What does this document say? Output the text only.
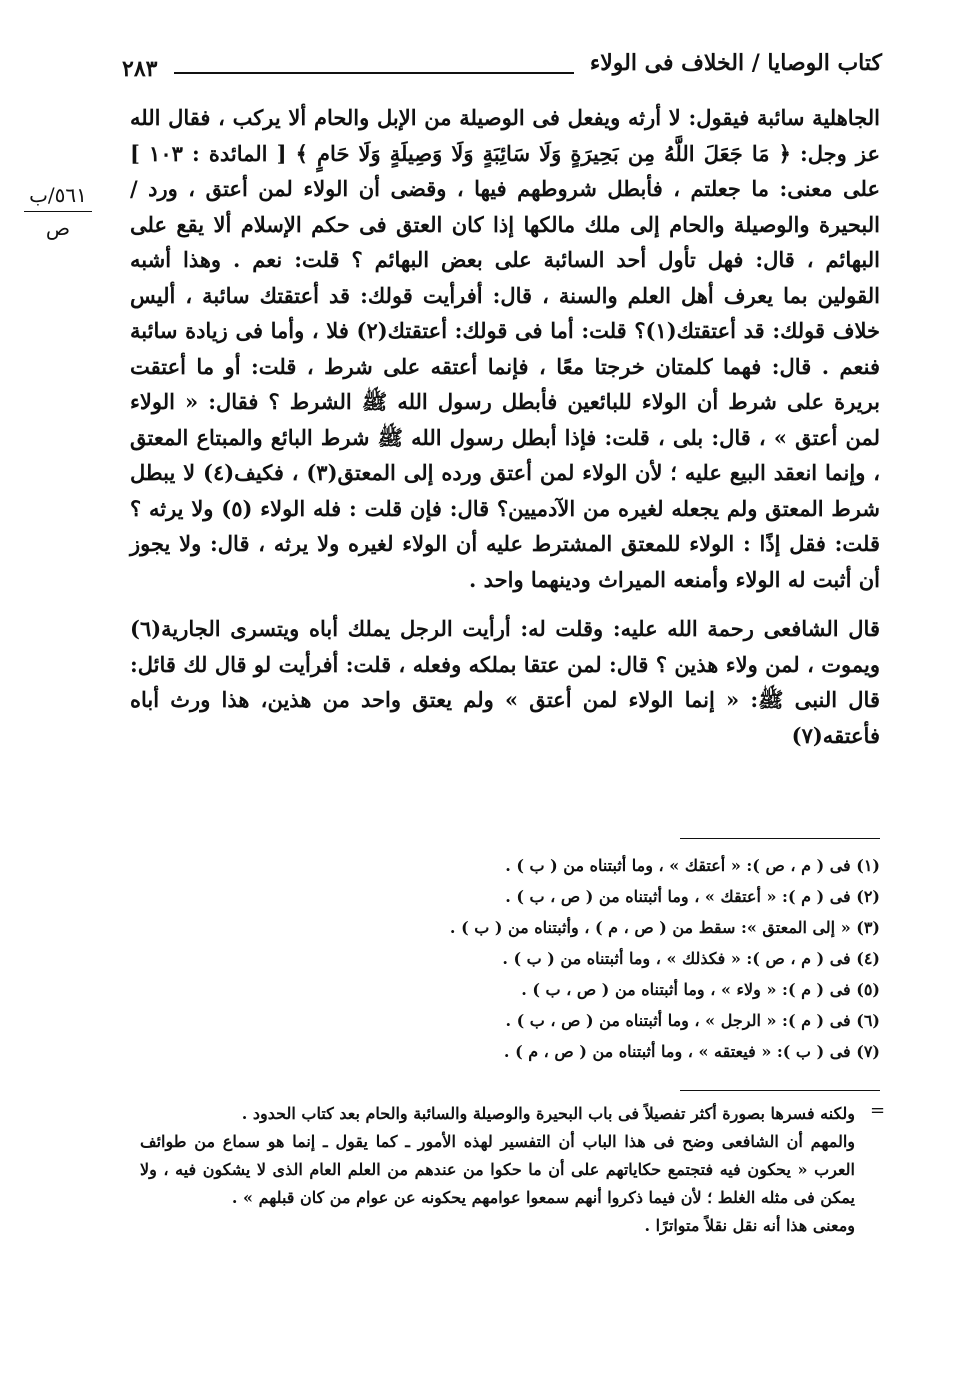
٢٨٣	كتاب الوصايا / الخلاف فى الولاء
٥٦١/ب
ص

الجاهلية سائبة فيقول: لا أرثه ويفعل فى الوصيلة من الإبل والحام ألا يركب ، فقال الله عز وجل: ﴿ مَا جَعَلَ اللَّهُ مِن بَحِيرَةٍ وَلَا سَائِبَةٍ وَلَا وَصِيلَةٍ وَلَا حَامٍ ﴾ [ المائدة : ١٠٣ ] على معنى: ما جعلتم ، فأبطل شروطهم فيها ، وقضى أن الولاء لمن أعتق ، ورد / البحيرة والوصيلة والحام إلى ملك مالكها إذا كان العتق فى حكم الإسلام ألا يقع على البهائم ، قال: فهل تأول أحد السائبة على بعض البهائم ؟ قلت: نعم . وهذا أشبه القولين بما يعرف أهل العلم والسنة ، قال: أفرأيت قولك: قد أعتقتك سائبة ، أليس خلاف قولك: قد أعتقتك(١)؟ قلت: أما فى قولك: أعتقتك(٢) فلا ، وأما فى زيادة سائبة فنعم . قال: فهما كلمتان خرجتا معًا ، فإنما أعتقه على شرط ، قلت: أو ما أعتقت بريرة على شرط أن الولاء للبائعين فأبطل رسول الله ﷺ الشرط ؟ فقال: « الولاء لمن أعتق » ، قال: بلى ، قلت: فإذا أبطل رسول الله ﷺ شرط البائع والمبتاع المعتق ، وإنما انعقد البيع عليه ؛ لأن الولاء لمن أعتق ورده إلى المعتق(٣) ، فكيف(٤) لا يبطل شرط المعتق ولم يجعله لغيره من الآدميين؟ قال: فإن قلت : فله الولاء (٥) ولا يرثه ؟ قلت: فقل إذًا : الولاء للمعتق المشترط عليه أن الولاء لغيره ولا يرثه ، قال: ولا يجوز أن أثبت له الولاء وأمنعه الميراث ودينهما واحد .

قال الشافعى رحمة الله عليه: وقلت له: أرأيت الرجل يملك أباه ويتسرى الجارية(٦) ويموت ، لمن ولاء هذين ؟ قال: لمن عتقا بملكه وفعله ، قلت: أفرأيت لو قال لك قائل: قال النبى ﷺ: « إنما الولاء لمن أعتق » ولم يعتق واحد من هذين، هذا ورث أباه فأعتقه(٧)

(١) فى ( م ، ص ): « أعتقك » ، وما أثبتناه من ( ب ) .
(٢) فى ( م ): « أعتقك » ، وما أثبتناه من ( ص ، ب ) .
(٣) « إلى المعتق »: سقط من ( ص ، م ) ، وأثبتناه من ( ب ) .
(٤) فى ( م ، ص ): « فكذلك » ، وما أثبتناه من ( ب ) .
(٥) فى ( م ): « ولاء » ، وما أثبتناه من ( ص ، ب ) .
(٦) فى ( م ): « الرجل » ، وما أثبتناه من ( ص ، ب ) .
(٧) فى ( ب ): « فيعتقه » ، وما أثبتناه من ( ص ، م ) .
=

ولكنه فسرها بصورة أكثر تفصيلاً فى باب البحيرة والوصيلة والسائبة والحام بعد كتاب الحدود .

والمهم أن الشافعى وضح فى هذا الباب أن التفسير لهذه الأمور ـ كما يقول ـ إنما هو سماع من طوائف العرب « يحكون فيه فتجتمع حكاياتهم على أن ما حكوا من عندهم من العلم العام الذى لا يشكون فيه ، ولا يمكن فى مثله الغلط ؛ لأن فيما ذكروا أنهم سمعوا عوامهم يحكونه عن عوام من كان قبلهم » .

ومعنى هذا أنه نقل نقلاً متواترًا .
